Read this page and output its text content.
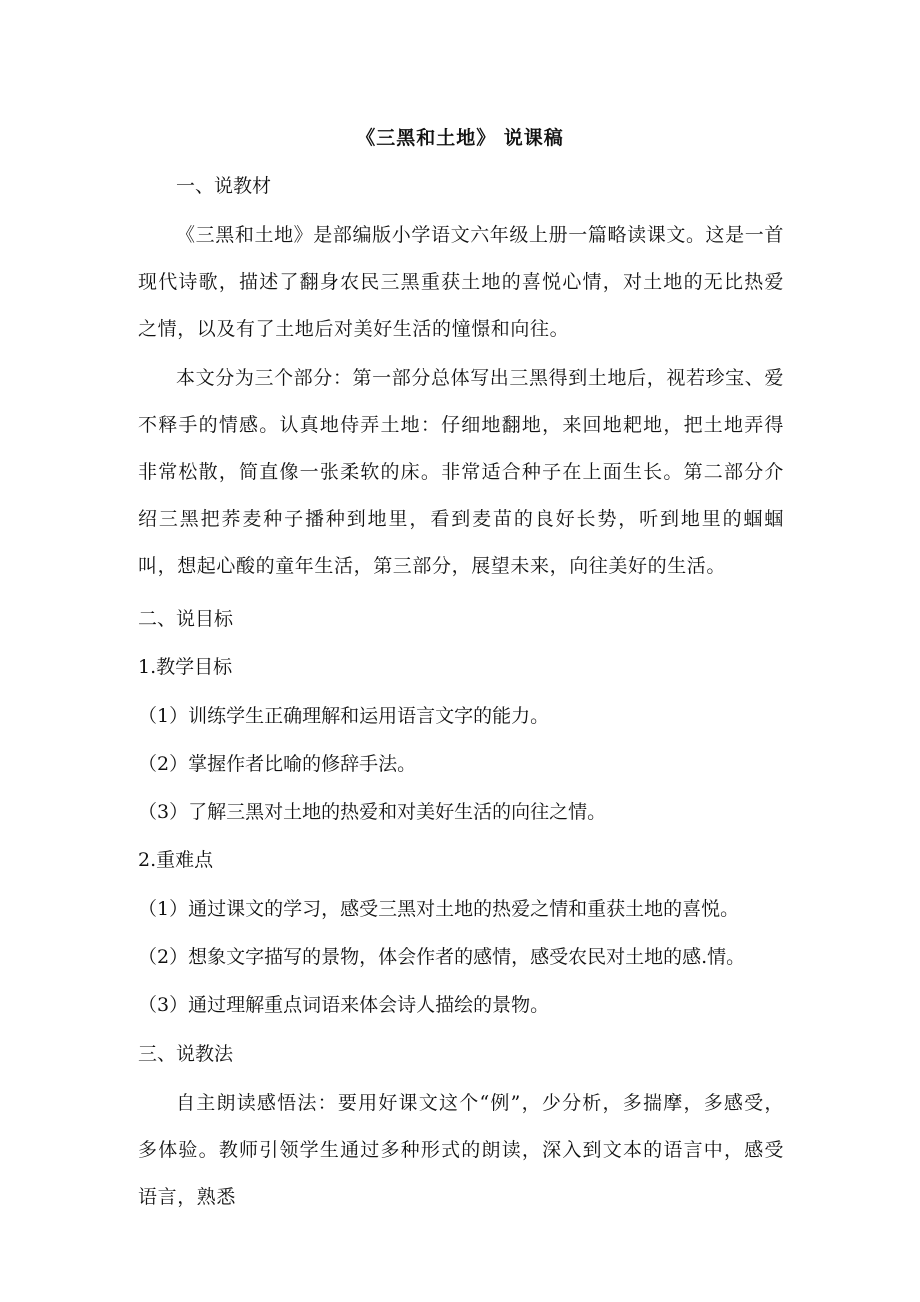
《三黑和土地》 说课稿
一、说教材
《三黑和土地》是部编版小学语文六年级上册一篇略读课文。这是一首现代诗歌，描述了翻身农民三黑重获土地的喜悦心情，对土地的无比热爱之情，以及有了土地后对美好生活的憧憬和向往。
本文分为三个部分：第一部分总体写出三黑得到土地后，视若珍宝、爱不释手的情感。认真地侍弄土地：仔细地翻地，来回地耙地，把土地弄得非常松散，简直像一张柔软的床。非常适合种子在上面生长。第二部分介绍三黑把荞麦种子播种到地里，看到麦苗的良好长势，听到地里的蝈蝈叫，想起心酸的童年生活，第三部分，展望未来，向往美好的生活。
二、说目标
1.教学目标
（1）训练学生正确理解和运用语言文字的能力。
（2）掌握作者比喻的修辞手法。
（3）了解三黑对土地的热爱和对美好生活的向往之情。
2.重难点
（1）通过课文的学习，感受三黑对土地的热爱之情和重获土地的喜悦。
（2）想象文字描写的景物，体会作者的感情，感受农民对土地的感.情。
（3）通过理解重点词语来体会诗人描绘的景物。
三、说教法
自主朗读感悟法：要用好课文这个“例”，少分析，多揣摩，多感受，多体验。教师引领学生通过多种形式的朗读，深入到文本的语言中，感受语言，熟悉
